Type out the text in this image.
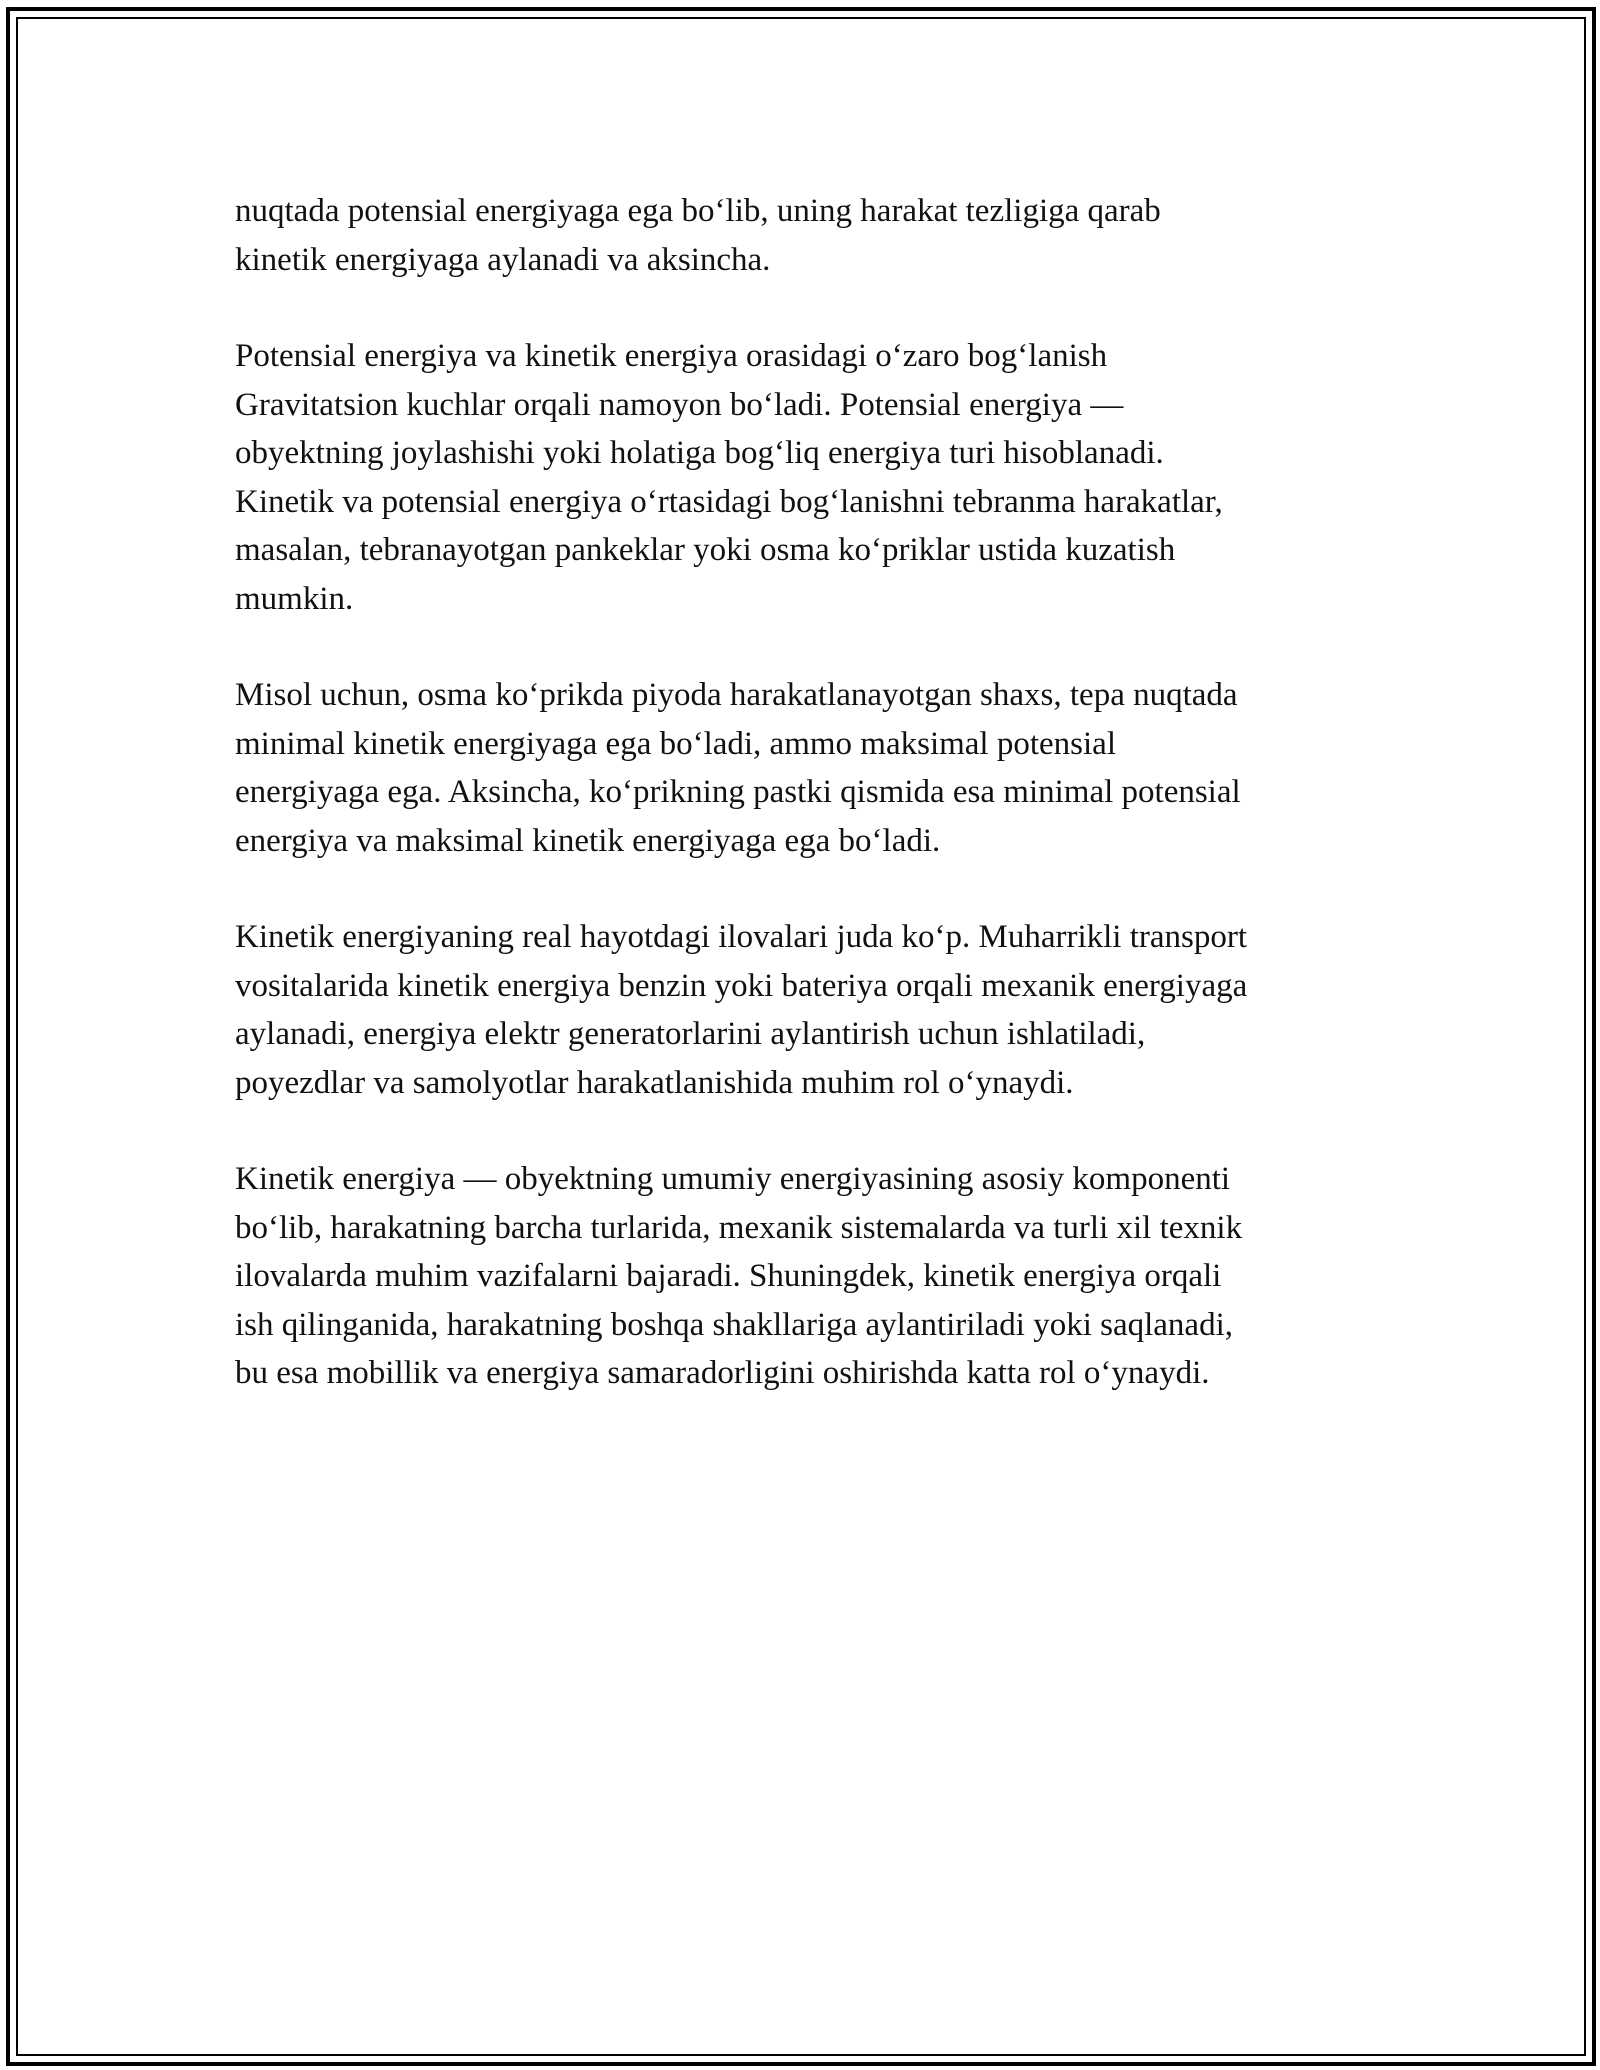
nuqtada potensial energiyaga ega bo‘lib, uning harakat tezligiga qarab
kinetik energiyaga aylanadi va aksincha.

Potensial energiya va kinetik energiya orasidagi o‘zaro bog‘lanish
Gravitatsion kuchlar orqali namoyon bo‘ladi. Potensial energiya —
obyektning joylashishi yoki holatiga bog‘liq energiya turi hisoblanadi.
Kinetik va potensial energiya o‘rtasidagi bog‘lanishni tebranma harakatlar,
masalan, tebranayotgan pankeklar yoki osma ko‘priklar ustida kuzatish
mumkin.

Misol uchun, osma ko‘prikda piyoda harakatlanayotgan shaxs, tepa nuqtada
minimal kinetik energiyaga ega bo‘ladi, ammo maksimal potensial
energiyaga ega. Aksincha, ko‘prikning pastki qismida esa minimal potensial
energiya va maksimal kinetik energiyaga ega bo‘ladi.

Kinetik energiyaning real hayotdagi ilovalari juda ko‘p. Muharrikli transport
vositalarida kinetik energiya benzin yoki bateriya orqali mexanik energiyaga
aylanadi, energiya elektr generatorlarini aylantirish uchun ishlatiladi,
poyezdlar va samolyotlar harakatlanishida muhim rol o‘ynaydi.

Kinetik energiya — obyektning umumiy energiyasining asosiy komponenti
bo‘lib, harakatning barcha turlarida, mexanik sistemalarda va turli xil texnik
ilovalarda muhim vazifalarni bajaradi. Shuningdek, kinetik energiya orqali
ish qilinganida, harakatning boshqa shakllariga aylantiriladi yoki saqlanadi,
bu esa mobillik va energiya samaradorligini oshirishda katta rol o‘ynaydi.
